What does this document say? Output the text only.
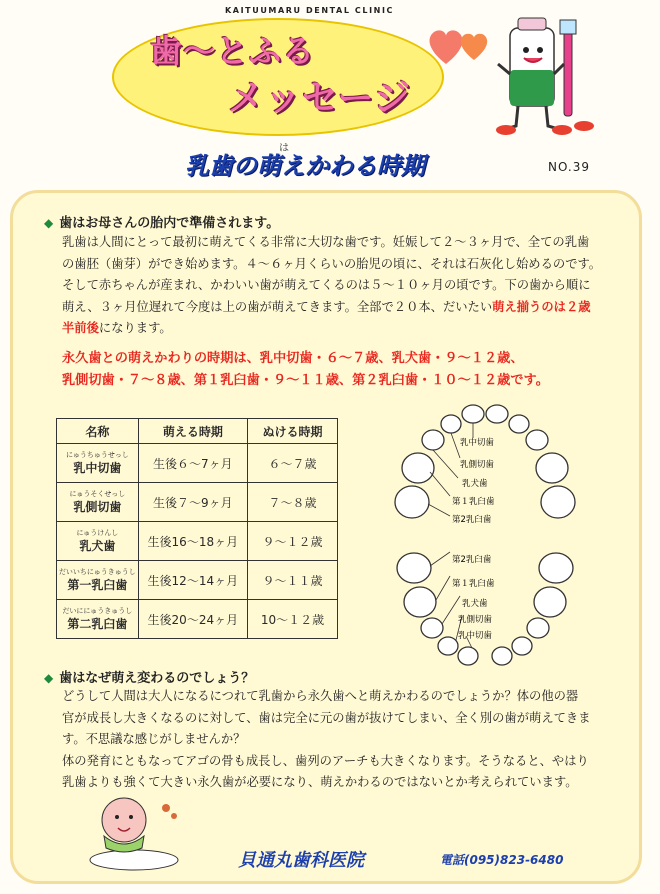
KAITUUMARU DENTAL CLINIC
歯〜とふる
メッセージ
は
乳歯の萌えかわる時期	NO.39
◆ 歯はお母さんの胎内で準備されます。
乳歯は人間にとって最初に萌えてくる非常に大切な歯です。妊娠して２〜３ヶ月で、全ての乳歯
の歯胚（歯芽）ができ始めます。４〜６ヶ月くらいの胎児の頃に、それは石灰化し始めるのです。
そして赤ちゃんが産まれ、かわいい歯が萌えてくるのは５〜１０ヶ月の頃です。下の歯から順に
萌え、３ヶ月位遅れて今度は上の歯が萌えてきます。全部で２０本、だいたい萌え揃うのは２歳
半前後になります。
永久歯との萌えかわりの時期は、乳中切歯・６〜７歳、乳犬歯・９〜１２歳、
乳側切歯・７〜８歳、第１乳臼歯・９〜１１歳、第２乳臼歯・１０〜１２歳です。
名称	萌える時期	ぬける時期

にゅうちゅうせっし
乳中切歯	生後６〜7ヶ月	６〜７歳

にゅうそくせっし
乳側切歯	生後７〜9ヶ月	７〜８歳

にゅうけんし
乳犬歯	生後16〜18ヶ月	９〜１２歳

だいいちにゅうきゅうし
第一乳臼歯	生後12〜14ヶ月	９〜１１歳

だいににゅうきゅうし
第二乳臼歯	生後20〜24ヶ月	10〜１２歳
乳中切歯
乳側切歯
乳犬歯
第１乳臼歯
第2乳臼歯
第2乳臼歯
第１乳臼歯
乳犬歯
乳側切歯
乳中切歯
◆ 歯はなぜ萌え変わるのでしょう？
どうして人間は大人になるにつれて乳歯から永久歯へと萌えかわるのでしょうか？体の他の器
官が成長し大きくなるのに対して、歯は完全に元の歯が抜けてしまい、全く別の歯が萌えてきま
す。不思議な感じがしませんか？
体の発育にともなってアゴの骨も成長し、歯列のアーチも大きくなります。そうなると、やはり
乳歯よりも強くて大きい永久歯が必要になり、萌えかわるのではないとか考えられています。
貝通丸歯科医院	電話(095)823-6480
